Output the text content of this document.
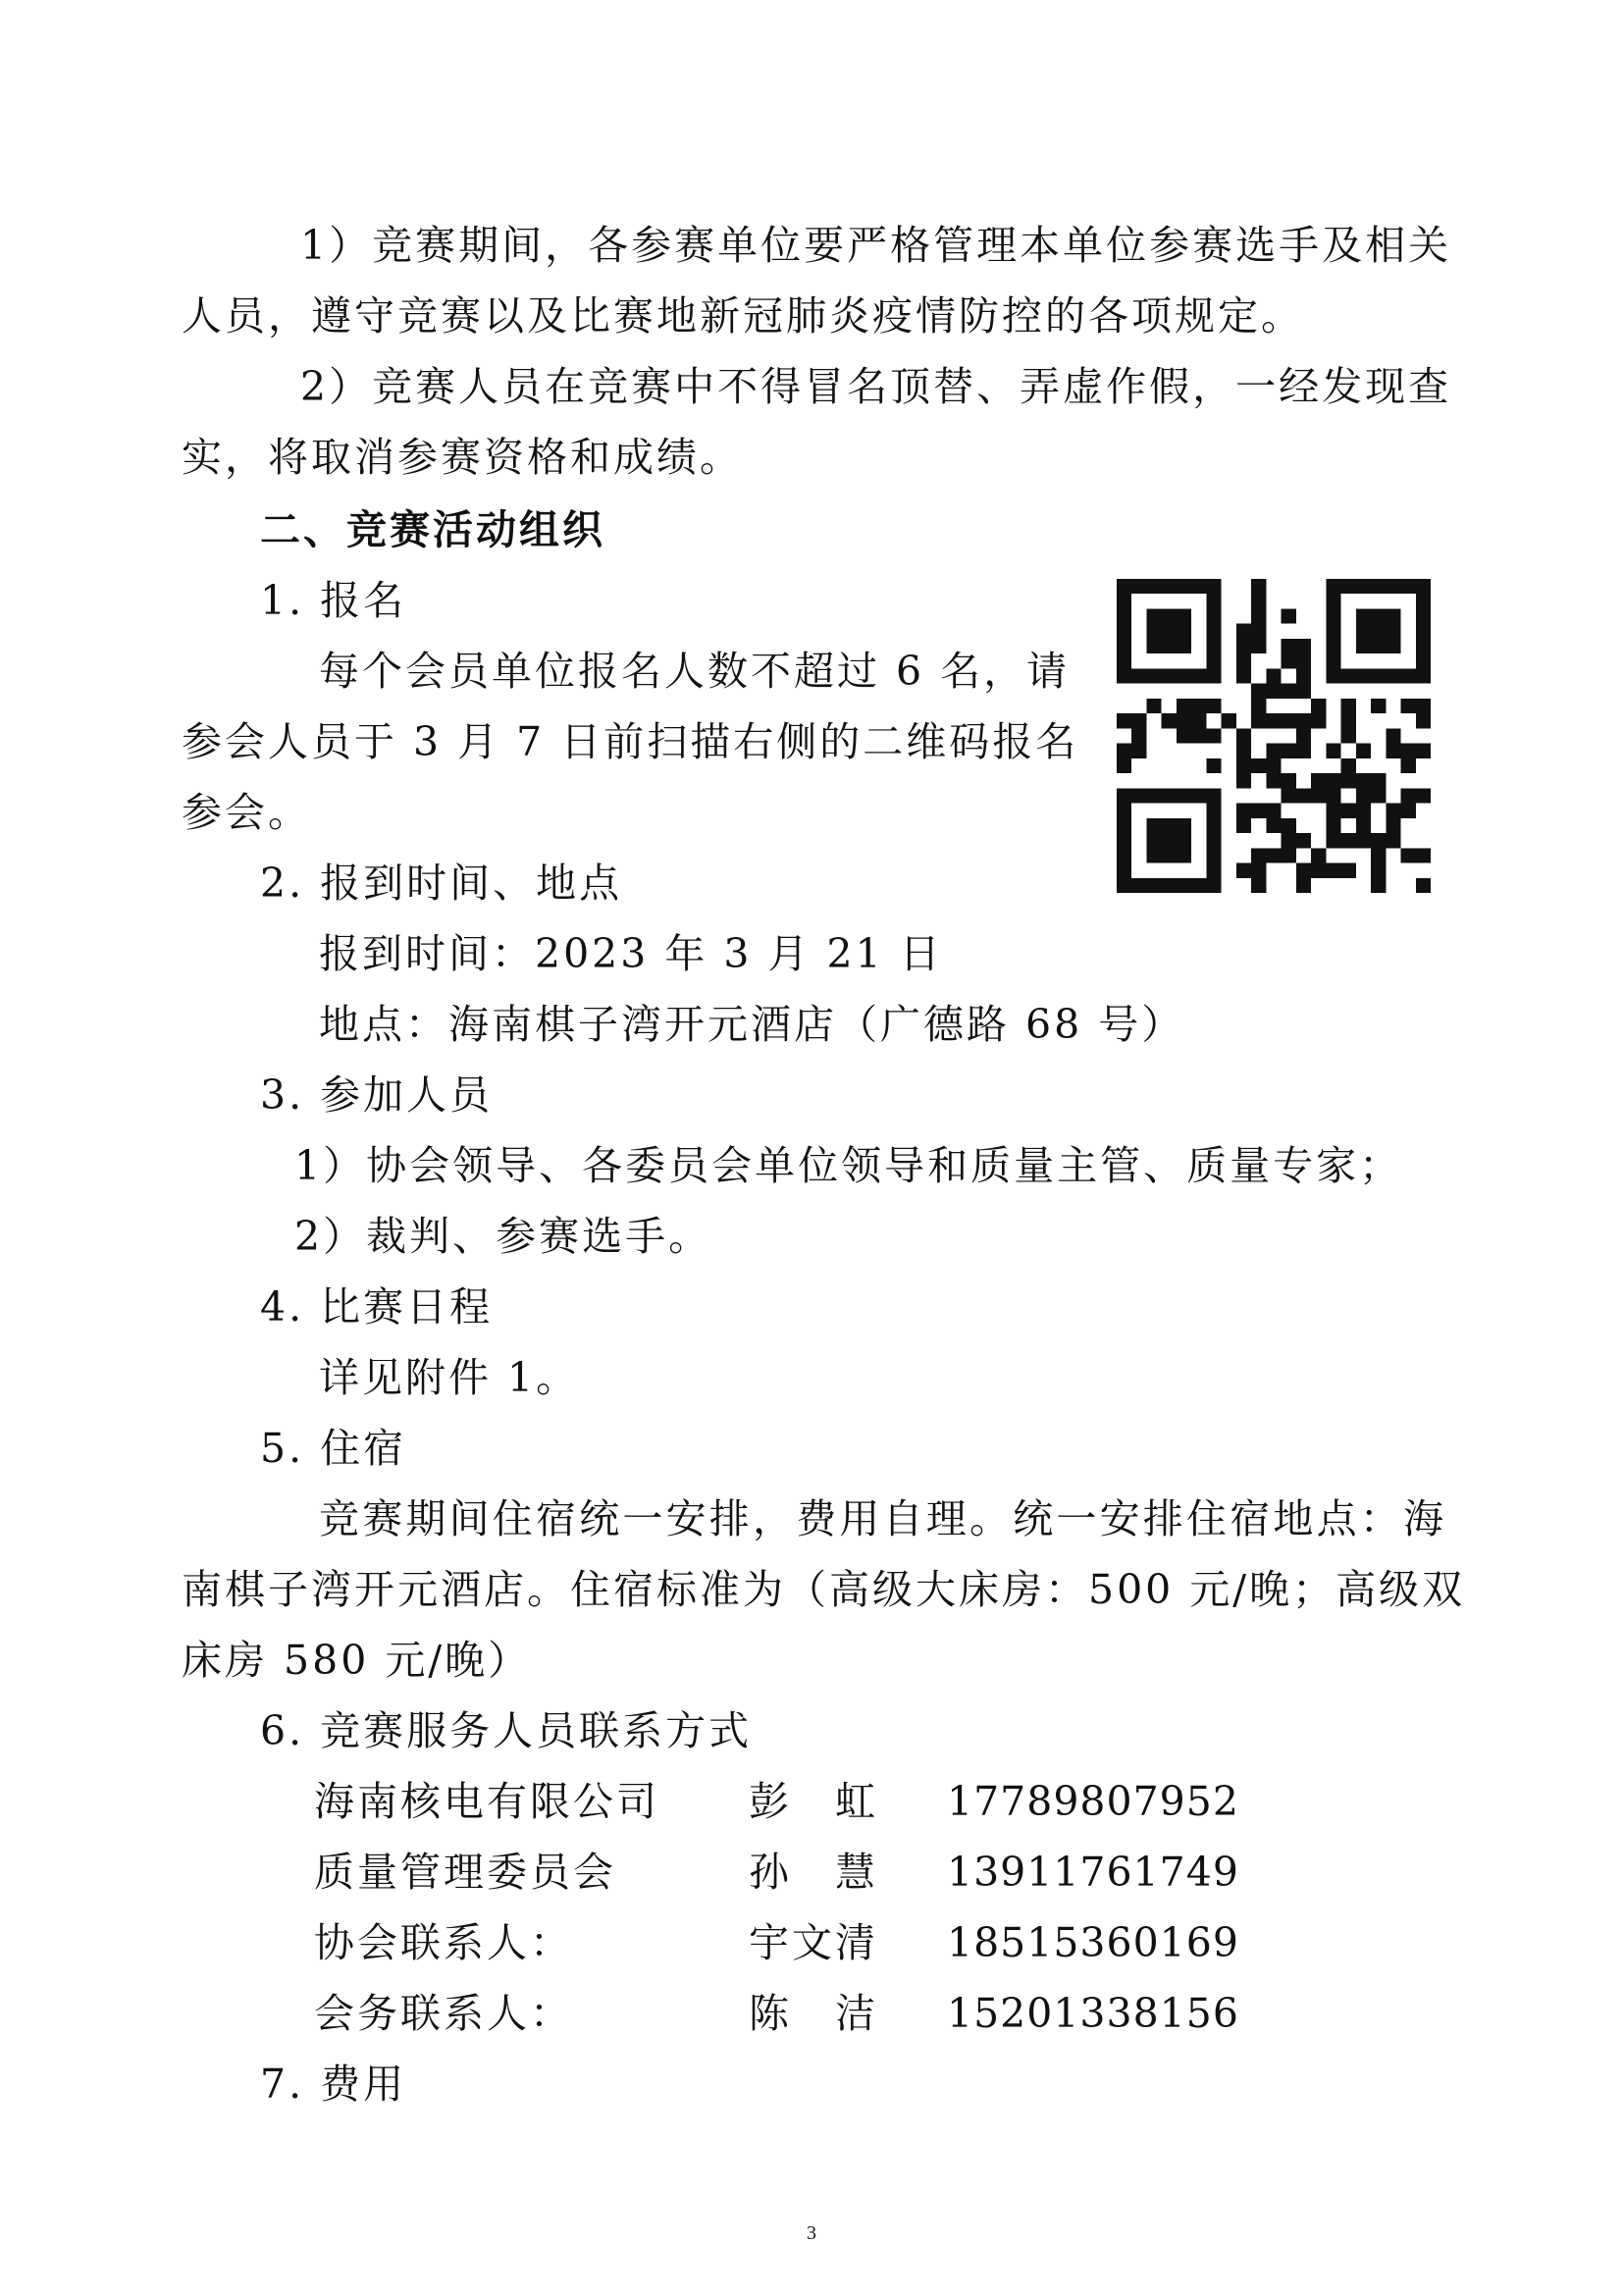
1）竞赛期间，各参赛单位要严格管理本单位参赛选手及相关
人员，遵守竞赛以及比赛地新冠肺炎疫情防控的各项规定。
2）竞赛人员在竞赛中不得冒名顶替、弄虚作假，一经发现查
实，将取消参赛资格和成绩。
二、竞赛活动组织
1. 报名
每个会员单位报名人数不超过 6 名，请
参会人员于 3 月 7 日前扫描右侧的二维码报名
参会。
2. 报到时间、地点
报到时间：2023 年 3 月 21 日
地点：海南棋子湾开元酒店（广德路 68 号）
3. 参加人员
1）协会领导、各委员会单位领导和质量主管、质量专家；
2）裁判、参赛选手。
4. 比赛日程
详见附件 1。
5. 住宿
竞赛期间住宿统一安排，费用自理。统一安排住宿地点：海
南棋子湾开元酒店。住宿标准为（高级大床房：500 元/晚；高级双
床房 580 元/晚）
6. 竞赛服务人员联系方式
海南核电有限公司 彭　虹 17789807952
质量管理委员会	孙　慧 13911761749
协会联系人：	宇文清 18515360169
会务联系人：	陈　洁 15201338156
7. 费用
3
